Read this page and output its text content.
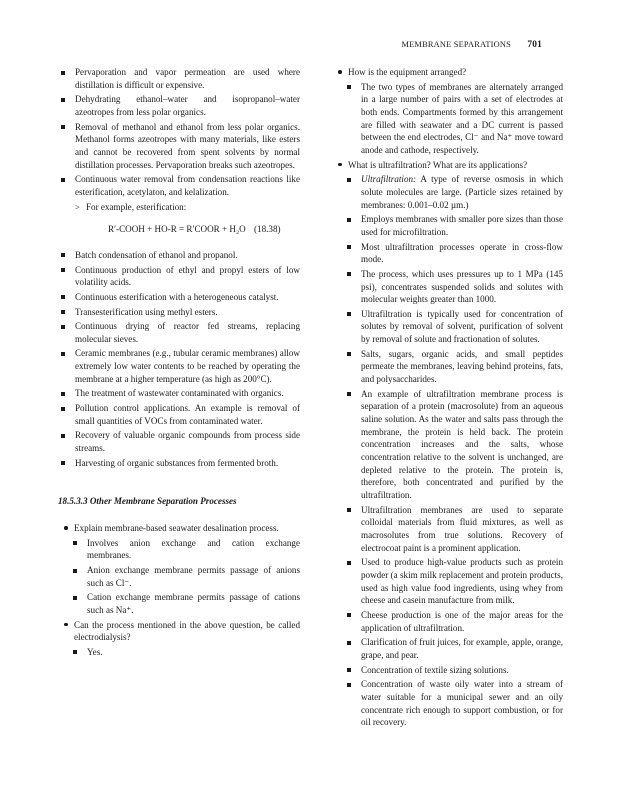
MEMBRANE SEPARATIONS 701
Pervaporation and vapor permeation are used where distillation is difficult or expensive.
Dehydrating ethanol–water and isopropanol–water azeotropes from less polar organics.
Removal of methanol and ethanol from less polar organics. Methanol forms azeotropes with many materials, like esters and cannot be recovered from spent solvents by normal distillation processes. Pervaporation breaks such azeotropes.
Continuous water removal from condensation reactions like esterification, acetylaton, and kelalization.
> For example, esterification:
R′-COOH + HO-R = R′COOR + H₂O (18.38)
Batch condensation of ethanol and propanol.
Continuous production of ethyl and propyl esters of low volatility acids.
Continuous esterification with a heterogeneous catalyst.
Transesterification using methyl esters.
Continuous drying of reactor fed streams, replacing molecular sieves.
Ceramic membranes (e.g., tubular ceramic membranes) allow extremely low water contents to be reached by operating the membrane at a higher temperature (as high as 200°C).
The treatment of wastewater contaminated with organics.
Pollution control applications. An example is removal of small quantities of VOCs from contaminated water.
Recovery of valuable organic compounds from process side streams.
Harvesting of organic substances from fermented broth.
18.5.3.3 Other Membrane Separation Processes
Explain membrane-based seawater desalination process.
Involves anion exchange and cation exchange membranes.
Anion exchange membrane permits passage of anions such as Cl⁻.
Cation exchange membrane permits passage of cations such as Na⁺.
Can the process mentioned in the above question, be called electrodialysis?
Yes.
How is the equipment arranged?
The two types of membranes are alternately arranged in a large number of pairs with a set of electrodes at both ends. Compartments formed by this arrangement are filled with seawater and a DC current is passed between the end electrodes, Cl⁻ and Na⁺ move toward anode and cathode, respectively.
What is ultrafiltration? What are its applications?
Ultrafiltration: A type of reverse osmosis in which solute molecules are large. (Particle sizes retained by membranes: 0.001–0.02 µm.)
Employs membranes with smaller pore sizes than those used for microfiltration.
Most ultrafiltration processes operate in cross-flow mode.
The process, which uses pressures up to 1 MPa (145 psi), concentrates suspended solids and solutes with molecular weights greater than 1000.
Ultrafiltration is typically used for concentration of solutes by removal of solvent, purification of solvent by removal of solute and fractionation of solutes.
Salts, sugars, organic acids, and small peptides permeate the membranes, leaving behind proteins, fats, and polysaccharides.
An example of ultrafiltration membrane process is separation of a protein (macrosolute) from an aqueous saline solution. As the water and salts pass through the membrane, the protein is held back. The protein concentration increases and the salts, whose concentration relative to the solvent is unchanged, are depleted relative to the protein. The protein is, therefore, both concentrated and purified by the ultrafiltration.
Ultrafiltration membranes are used to separate colloidal materials from fluid mixtures, as well as macrosolutes from true solutions. Recovery of electrocoat paint is a prominent application.
Used to produce high-value products such as protein powder (a skim milk replacement and protein products, used as high value food ingredients, using whey from cheese and casein manufacture from milk.
Cheese production is one of the major areas for the application of ultrafiltration.
Clarification of fruit juices, for example, apple, orange, grape, and pear.
Concentration of textile sizing solutions.
Concentration of waste oily water into a stream of water suitable for a municipal sewer and an oily concentrate rich enough to support combustion, or for oil recovery.
